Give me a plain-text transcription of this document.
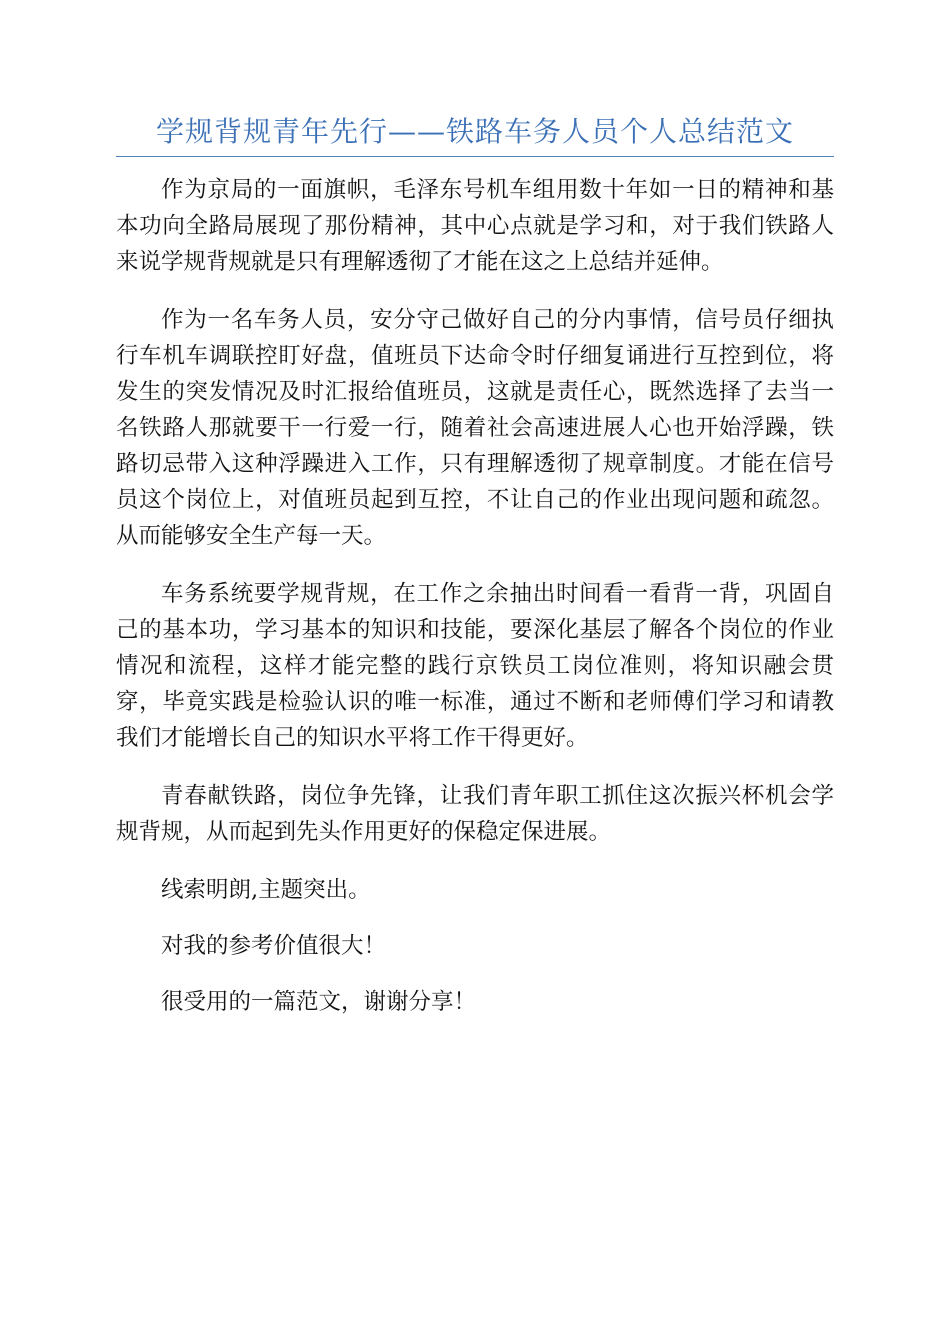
学规背规青年先行——铁路车务人员个人总结范文

作为京局的一面旗帜，毛泽东号机车组用数十年如一日的精神和基本功向全路局展现了那份精神，其中心点就是学习和，对于我们铁路人来说学规背规就是只有理解透彻了才能在这之上总结并延伸。

作为一名车务人员，安分守己做好自己的分内事情，信号员仔细执行车机车调联控盯好盘，值班员下达命令时仔细复诵进行互控到位，将发生的突发情况及时汇报给值班员，这就是责任心，既然选择了去当一名铁路人那就要干一行爱一行，随着社会高速进展人心也开始浮躁，铁路切忌带入这种浮躁进入工作，只有理解透彻了规章制度。才能在信号员这个岗位上，对值班员起到互控，不让自己的作业出现问题和疏忽。从而能够安全生产每一天。

车务系统要学规背规，在工作之余抽出时间看一看背一背，巩固自己的基本功，学习基本的知识和技能，要深化基层了解各个岗位的作业情况和流程，这样才能完整的践行京铁员工岗位准则，将知识融会贯穿，毕竟实践是检验认识的唯一标准，通过不断和老师傅们学习和请教我们才能增长自己的知识水平将工作干得更好。

青春献铁路，岗位争先锋，让我们青年职工抓住这次振兴杯机会学规背规，从而起到先头作用更好的保稳定保进展。

线索明朗,主题突出。

对我的参考价值很大！

很受用的一篇范文，谢谢分享！
